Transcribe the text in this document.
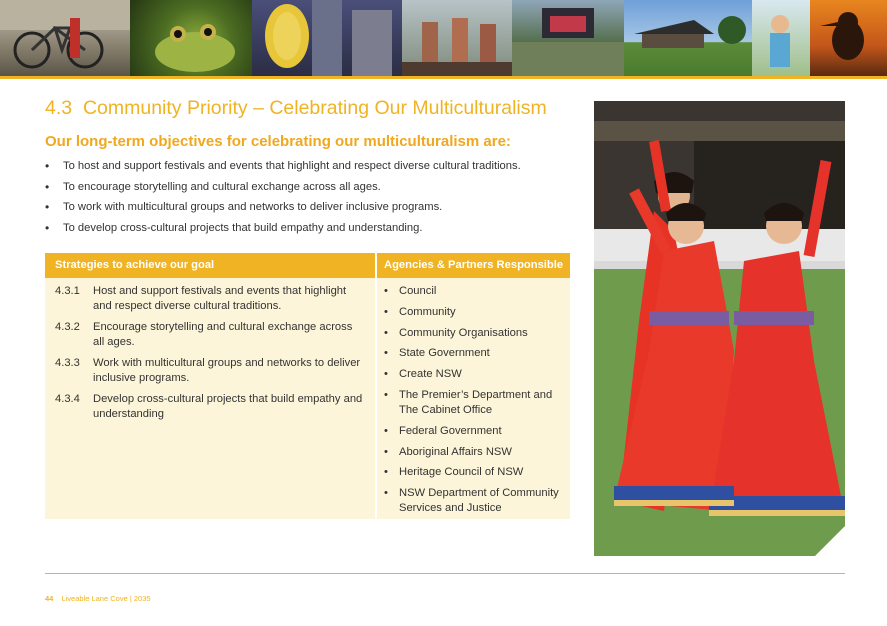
4.3 Community Priority – Celebrating Our Multiculturalism
Our long-term objectives for celebrating our multiculturalism are:
• To host and support festivals and events that highlight and respect diverse cultural traditions.
• To encourage storytelling and cultural exchange across all ages.
• To work with multicultural groups and networks to deliver inclusive programs.
• To develop cross-cultural projects that build empathy and understanding.
Strategies to achieve our goal	Agencies & Partners Responsible
4.3.1 Host and support festivals and events that highlight and respect diverse cultural traditions.
4.3.2 Encourage storytelling and cultural exchange across all ages.
4.3.3 Work with multicultural groups and networks to deliver inclusive programs.
4.3.4 Develop cross-cultural projects that build empathy and understanding
• Council
• Community
• Community Organisations
• State Government
• Create NSW
• The Premier’s Department and The Cabinet Office
• Federal Government
• Aboriginal Affairs NSW
• Heritage Council of NSW
• NSW Department of Community Services and Justice
44 Liveable Lane Cove | 2035
